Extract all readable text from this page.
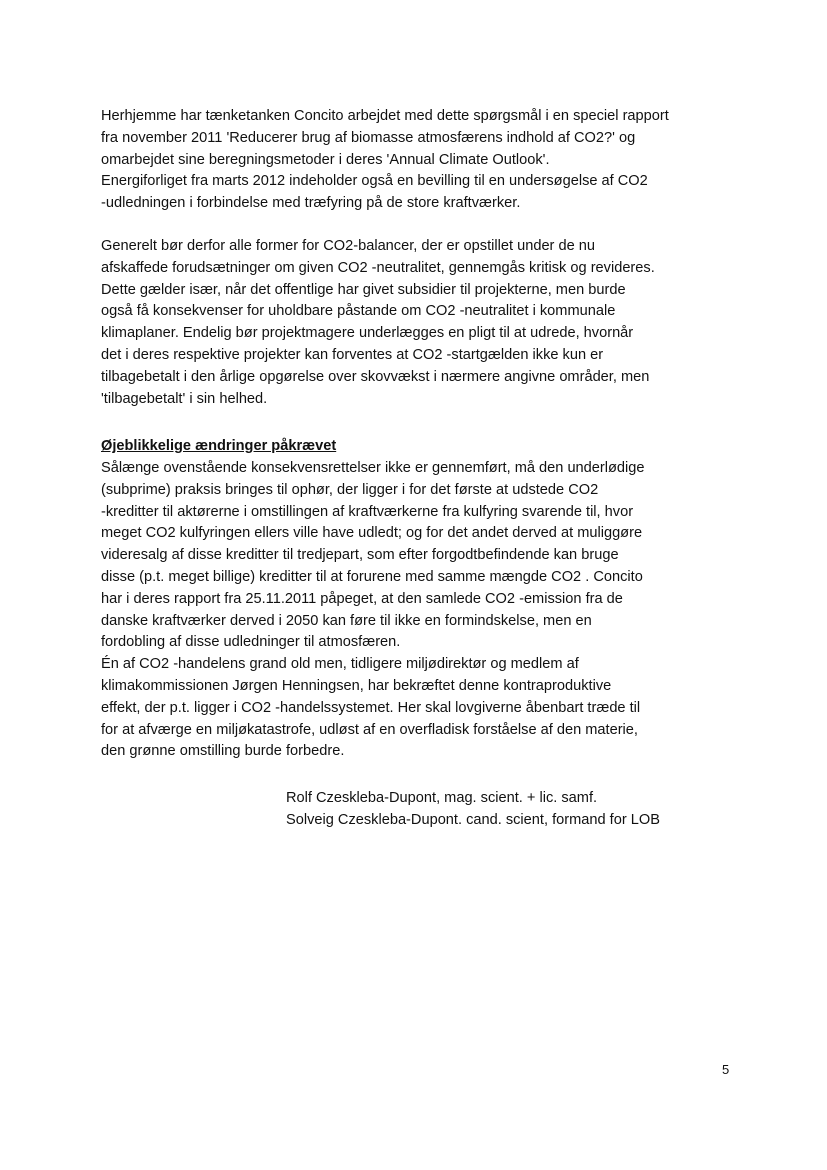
Herhjemme har tænketanken Concito arbejdet med dette spørgsmål i en speciel rapport
fra november 2011 'Reducerer brug af biomasse atmosfærens indhold af CO2?' og
omarbejdet sine beregningsmetoder i deres 'Annual Climate Outlook'.
Energiforliget fra marts 2012 indeholder også en bevilling til en undersøgelse af CO2
-udledningen i forbindelse med træfyring på de store kraftværker.
Generelt bør derfor alle former for CO2-balancer, der er opstillet under de nu
afskaffede forudsætninger om given CO2 -neutralitet, gennemgås kritisk og revideres.
Dette gælder især, når det offentlige har givet subsidier til projekterne, men burde
også få konsekvenser for uholdbare påstande om CO2 -neutralitet i kommunale
klimaplaner. Endelig bør projektmagere underlægges en pligt til at udrede, hvornår
det i deres respektive projekter kan forventes at CO2 -startgælden ikke kun er
tilbagebetalt i den årlige opgørelse over skovvækst i nærmere angivne områder, men
'tilbagebetalt' i sin helhed.
Øjeblikkelige ændringer påkrævet
Sålænge ovenstående konsekvensrettelser ikke er gennemført, må den underlødige
(subprime) praksis bringes til ophør, der ligger i for det første at udstede CO2
-kreditter til aktørerne i omstillingen af kraftværkerne fra kulfyring svarende til, hvor
meget CO2 kulfyringen ellers ville have udledt; og for det andet derved at muliggøre
videresalg af disse kreditter til tredjepart, som efter forgodtbefindende kan bruge
disse (p.t. meget billige) kreditter til at forurene med samme mængde CO2 . Concito
har i deres rapport fra 25.11.2011 påpeget, at den samlede CO2 -emission fra de
danske kraftværker derved i 2050 kan føre til ikke en formindskelse, men en
fordobling af disse udledninger til atmosfæren.
Én af CO2 -handelens grand old men, tidligere miljødirektør og medlem af
klimakommissionen Jørgen Henningsen, har bekræftet denne kontraproduktive
effekt, der p.t. ligger i CO2 -handelssystemet. Her skal lovgiverne åbenbart træde til
for at afværge en miljøkatastrofe, udløst af en overfladisk forståelse af den materie,
den grønne omstilling burde forbedre.
Rolf Czeskleba-Dupont, mag. scient. + lic. samf.
Solveig Czeskleba-Dupont. cand. scient, formand for LOB
5
